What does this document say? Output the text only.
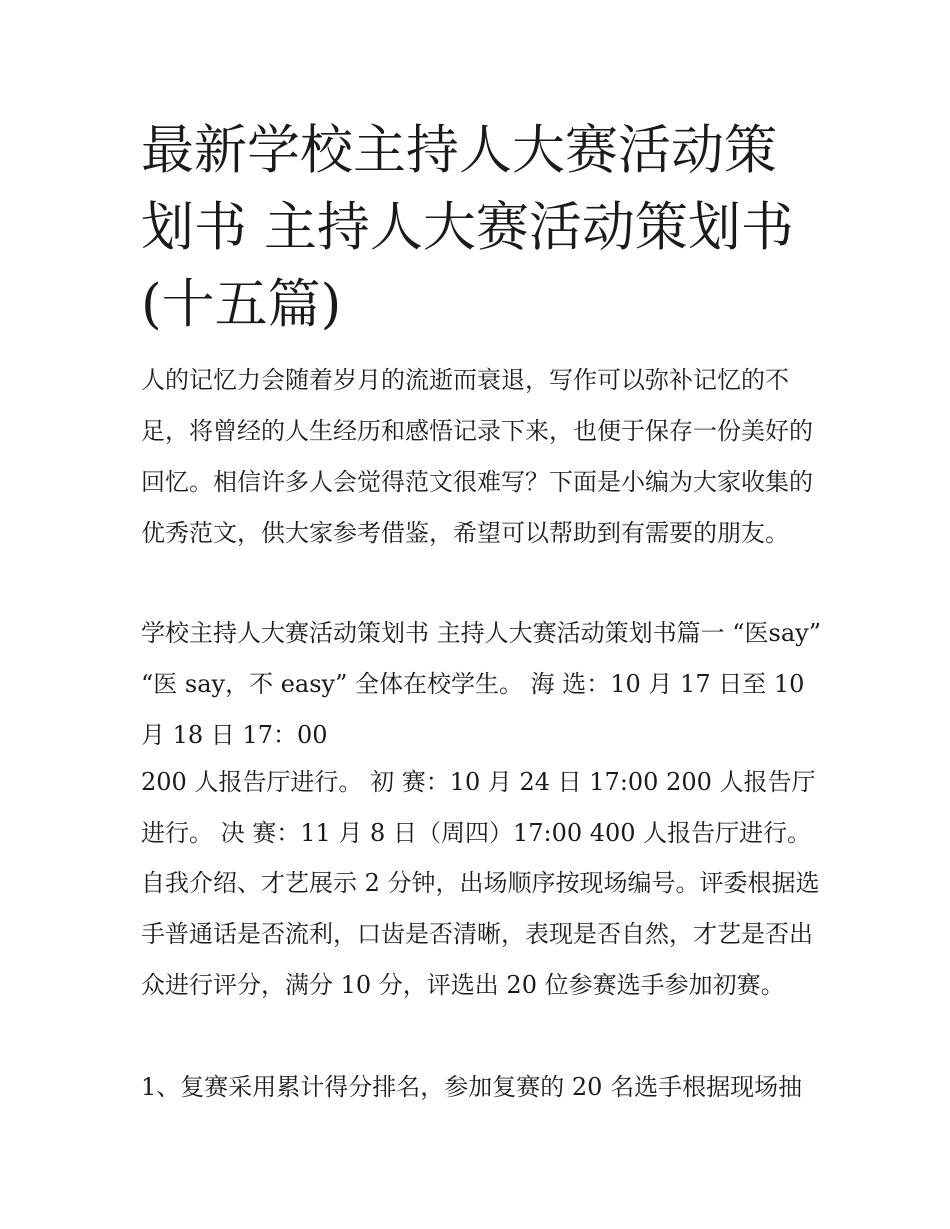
最新学校主持人大赛活动策划书 主持人大赛活动策划书(十五篇)

人的记忆力会随着岁月的流逝而衰退，写作可以弥补记忆的不足，将曾经的人生经历和感悟记录下来，也便于保存一份美好的回忆。相信许多人会觉得范文很难写？下面是小编为大家收集的优秀范文，供大家参考借鉴，希望可以帮助到有需要的朋友。

学校主持人大赛活动策划书 主持人大赛活动策划书篇一 “医say” “医 say，不 easy” 全体在校学生。 海 选：10 月 17 日至 10 月 18 日 17：00

200 人报告厅进行。 初 赛：10 月 24 日 17:00 200 人报告厅进行。 决 赛：11 月 8 日（周四）17:00 400 人报告厅进行。

自我介绍、才艺展示 2 分钟，出场顺序按现场编号。评委根据选手普通话是否流利，口齿是否清晰，表现是否自然，才艺是否出众进行评分，满分 10 分，评选出 20 位参赛选手参加初赛。

1、复赛采用累计得分排名，参加复赛的 20 名选手根据现场抽
